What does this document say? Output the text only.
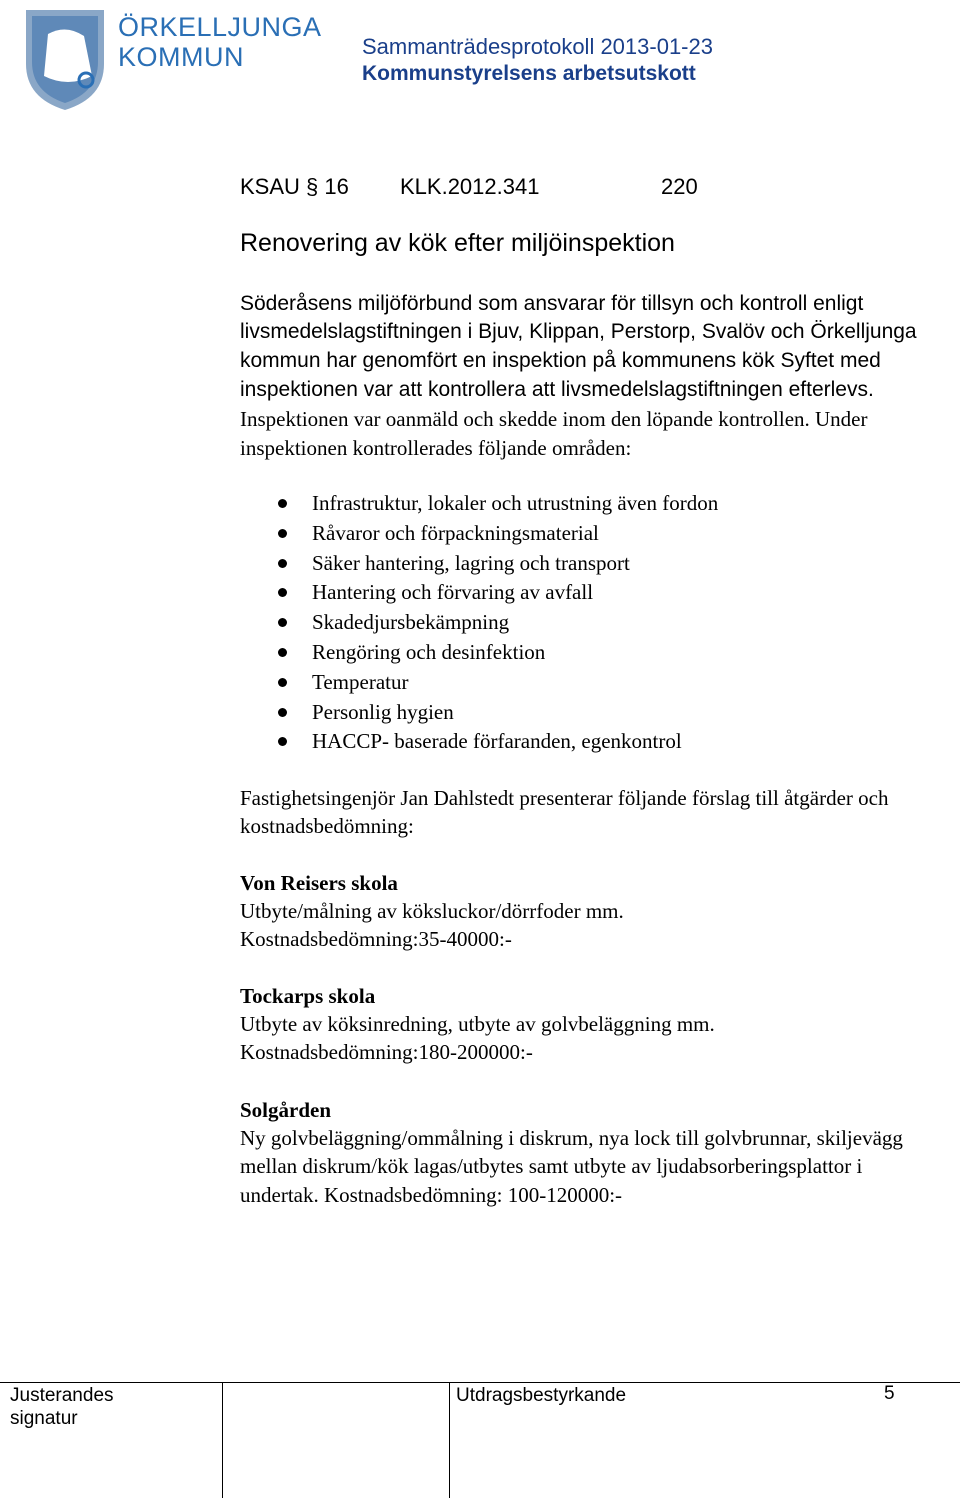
ÖRKELLJUNGA
KOMMUN	Sammanträdesprotokoll 2013-01-23
Kommunstyrelsens arbetsutskott
KSAU § 16 KLK.2012.341	220
Renovering av kök efter miljöinspektion
Söderåsens miljöförbund som ansvarar för tillsyn och kontroll enligt livsmedelslagstiftningen i Bjuv, Klippan, Perstorp, Svalöv och Örkelljunga kommun har genomfört en inspektion på kommunens kök Syftet med inspektionen var att kontrollera att livsmedelslagstiftningen efterlevs. Inspektionen var oanmäld och skedde inom den löpande kontrollen. Under inspektionen kontrollerades följande områden:
Infrastruktur, lokaler och utrustning även fordon
Råvaror och förpackningsmaterial
Säker hantering, lagring och transport
Hantering och förvaring av avfall
Skadedjursbekämpning
Rengöring och desinfektion
Temperatur
Personlig hygien
HACCP- baserade förfaranden, egenkontrol
Fastighetsingenjör Jan Dahlstedt presenterar följande förslag till åtgärder och kostnadsbedömning:
Von Reisers skola
Utbyte/målning av köksluckor/dörrfoder mm.
Kostnadsbedömning:35-40000:-
Tockarps skola
Utbyte av köksinredning, utbyte av golvbeläggning mm.
Kostnadsbedömning:180-200000:-
Solgården
Ny golvbeläggning/ommålning i diskrum, nya lock till golvbrunnar, skiljevägg mellan diskrum/kök lagas/utbytes samt utbyte av ljudabsorberingsplattor i undertak. Kostnadsbedömning: 100-120000:-
Justerandes
signatur
Utdragsbestyrkande	5
